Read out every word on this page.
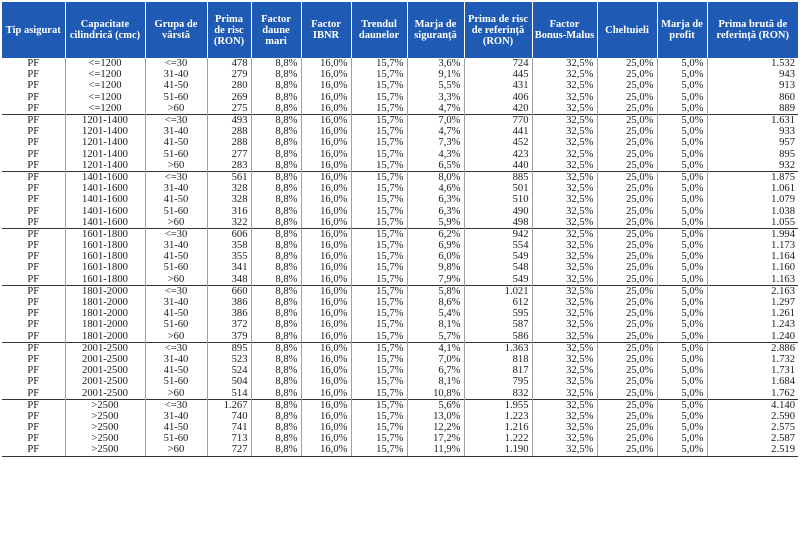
Tip asigurat	Capacitate cilindrică (cmc)	Grupa de vârstă	Prima de risc (RON)	Factor daune mari	Factor IBNR	Trendul daunelor	Marja de siguranță	Prima de risc de referință (RON)	Factor Bonus-Malus	Cheltuieli	Marja de profit	Prima brută de referință (RON)
PF	<=1200	<=30	478	8,8%	16,0%	15,7%	3,6%	724	32,5%	25,0%	5,0%	1.532
PF	<=1200	31-40	279	8,8%	16,0%	15,7%	9,1%	445	32,5%	25,0%	5,0%	943
PF	<=1200	41-50	280	8,8%	16,0%	15,7%	5,5%	431	32,5%	25,0%	5,0%	913
PF	<=1200	51-60	269	8,8%	16,0%	15,7%	3,3%	406	32,5%	25,0%	5,0%	860
PF	<=1200	>60	275	8,8%	16,0%	15,7%	4,7%	420	32,5%	25,0%	5,0%	889
PF	1201-1400	<=30	493	8,8%	16,0%	15,7%	7,0%	770	32,5%	25,0%	5,0%	1.631
PF	1201-1400	31-40	288	8,8%	16,0%	15,7%	4,7%	441	32,5%	25,0%	5,0%	933
PF	1201-1400	41-50	288	8,8%	16,0%	15,7%	7,3%	452	32,5%	25,0%	5,0%	957
PF	1201-1400	51-60	277	8,8%	16,0%	15,7%	4,3%	423	32,5%	25,0%	5,0%	895
PF	1201-1400	>60	283	8,8%	16,0%	15,7%	6,5%	440	32,5%	25,0%	5,0%	932
PF	1401-1600	<=30	561	8,8%	16,0%	15,7%	8,0%	885	32,5%	25,0%	5,0%	1.875
PF	1401-1600	31-40	328	8,8%	16,0%	15,7%	4,6%	501	32,5%	25,0%	5,0%	1.061
PF	1401-1600	41-50	328	8,8%	16,0%	15,7%	6,3%	510	32,5%	25,0%	5,0%	1.079
PF	1401-1600	51-60	316	8,8%	16,0%	15,7%	6,3%	490	32,5%	25,0%	5,0%	1.038
PF	1401-1600	>60	322	8,8%	16,0%	15,7%	5,9%	498	32,5%	25,0%	5,0%	1.055
PF	1601-1800	<=30	606	8,8%	16,0%	15,7%	6,2%	942	32,5%	25,0%	5,0%	1.994
PF	1601-1800	31-40	358	8,8%	16,0%	15,7%	6,9%	554	32,5%	25,0%	5,0%	1.173
PF	1601-1800	41-50	355	8,8%	16,0%	15,7%	6,0%	549	32,5%	25,0%	5,0%	1.164
PF	1601-1800	51-60	341	8,8%	16,0%	15,7%	9,8%	548	32,5%	25,0%	5,0%	1.160
PF	1601-1800	>60	348	8,8%	16,0%	15,7%	7,9%	549	32,5%	25,0%	5,0%	1.163
PF	1801-2000	<=30	660	8,8%	16,0%	15,7%	5,8%	1.021	32,5%	25,0%	5,0%	2.163
PF	1801-2000	31-40	386	8,8%	16,0%	15,7%	8,6%	612	32,5%	25,0%	5,0%	1.297
PF	1801-2000	41-50	386	8,8%	16,0%	15,7%	5,4%	595	32,5%	25,0%	5,0%	1.261
PF	1801-2000	51-60	372	8,8%	16,0%	15,7%	8,1%	587	32,5%	25,0%	5,0%	1.243
PF	1801-2000	>60	379	8,8%	16,0%	15,7%	5,7%	586	32,5%	25,0%	5,0%	1.240
PF	2001-2500	<=30	895	8,8%	16,0%	15,7%	4,1%	1.363	32,5%	25,0%	5,0%	2.886
PF	2001-2500	31-40	523	8,8%	16,0%	15,7%	7,0%	818	32,5%	25,0%	5,0%	1.732
PF	2001-2500	41-50	524	8,8%	16,0%	15,7%	6,7%	817	32,5%	25,0%	5,0%	1.731
PF	2001-2500	51-60	504	8,8%	16,0%	15,7%	8,1%	795	32,5%	25,0%	5,0%	1.684
PF	2001-2500	>60	514	8,8%	16,0%	15,7%	10,8%	832	32,5%	25,0%	5,0%	1.762
PF	>2500	<=30	1.267	8,8%	16,0%	15,7%	5,6%	1.955	32,5%	25,0%	5,0%	4.140
PF	>2500	31-40	740	8,8%	16,0%	15,7%	13,0%	1.223	32,5%	25,0%	5,0%	2.590
PF	>2500	41-50	741	8,8%	16,0%	15,7%	12,2%	1.216	32,5%	25,0%	5,0%	2.575
PF	>2500	51-60	713	8,8%	16,0%	15,7%	17,2%	1.222	32,5%	25,0%	5,0%	2.587
PF	>2500	>60	727	8,8%	16,0%	15,7%	11,9%	1.190	32,5%	25,0%	5,0%	2.519
